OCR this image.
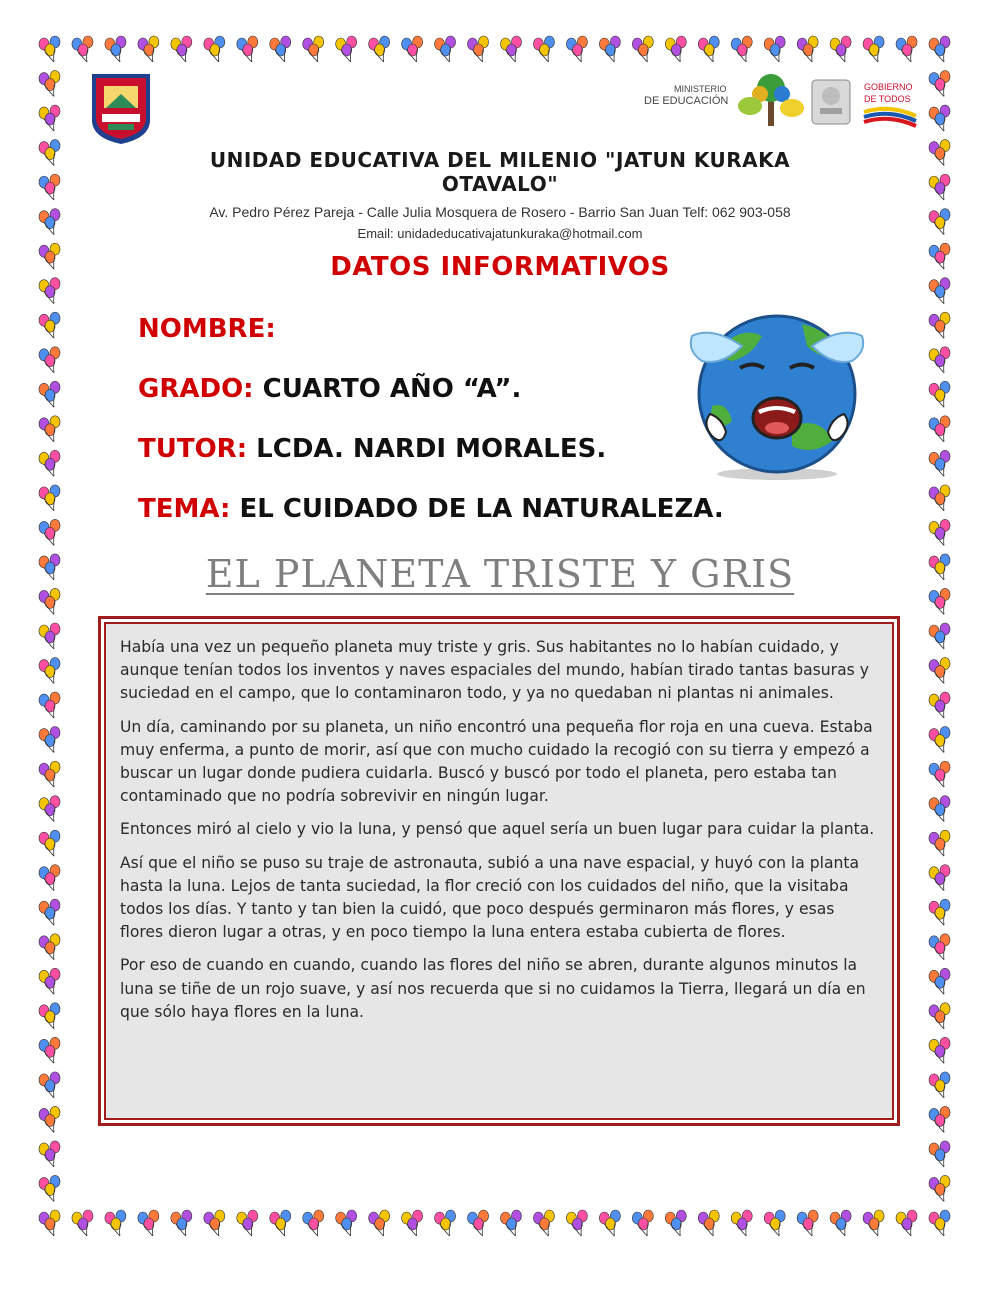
MINISTERIO
DE EDUCACIÓN
GOBIERNO
DE TODOS
UNIDAD EDUCATIVA DEL MILENIO "JATUN KURAKA OTAVALO"
Av. Pedro Pérez Pareja - Calle Julia Mosquera de Rosero - Barrio San Juan Telf: 062 903-058
Email: unidadeducativajatunkuraka@hotmail.com
DATOS INFORMATIVOS
NOMBRE:
GRADO: CUARTO AÑO “A”.
TUTOR: LCDA. NARDI MORALES.
TEMA: EL CUIDADO DE LA NATURALEZA.
EL PLANETA TRISTE Y GRIS

Había una vez un pequeño planeta muy triste y gris. Sus habitantes no lo habían cuidado, y aunque tenían todos los inventos y naves espaciales del mundo, habían tirado tantas basuras y suciedad en el campo, que lo contaminaron todo, y ya no quedaban ni plantas ni animales.

Un día, caminando por su planeta, un niño encontró una pequeña flor roja en una cueva. Estaba muy enferma, a punto de morir, así que con mucho cuidado la recogió con su tierra y empezó a buscar un lugar donde pudiera cuidarla. Buscó y buscó por todo el planeta, pero estaba tan contaminado que no podría sobrevivir en ningún lugar.

Entonces miró al cielo y vio la luna, y pensó que aquel sería un buen lugar para cuidar la planta.

Así que el niño se puso su traje de astronauta, subió a una nave espacial, y huyó con la planta hasta la luna. Lejos de tanta suciedad, la flor creció con los cuidados del niño, que la visitaba todos los días. Y tanto y tan bien la cuidó, que poco después germinaron más flores, y esas flores dieron lugar a otras, y en poco tiempo la luna entera estaba cubierta de flores.

Por eso de cuando en cuando, cuando las flores del niño se abren, durante algunos minutos la luna se tiñe de un rojo suave, y así nos recuerda que si no cuidamos la Tierra, llegará un día en que sólo haya flores en la luna.
